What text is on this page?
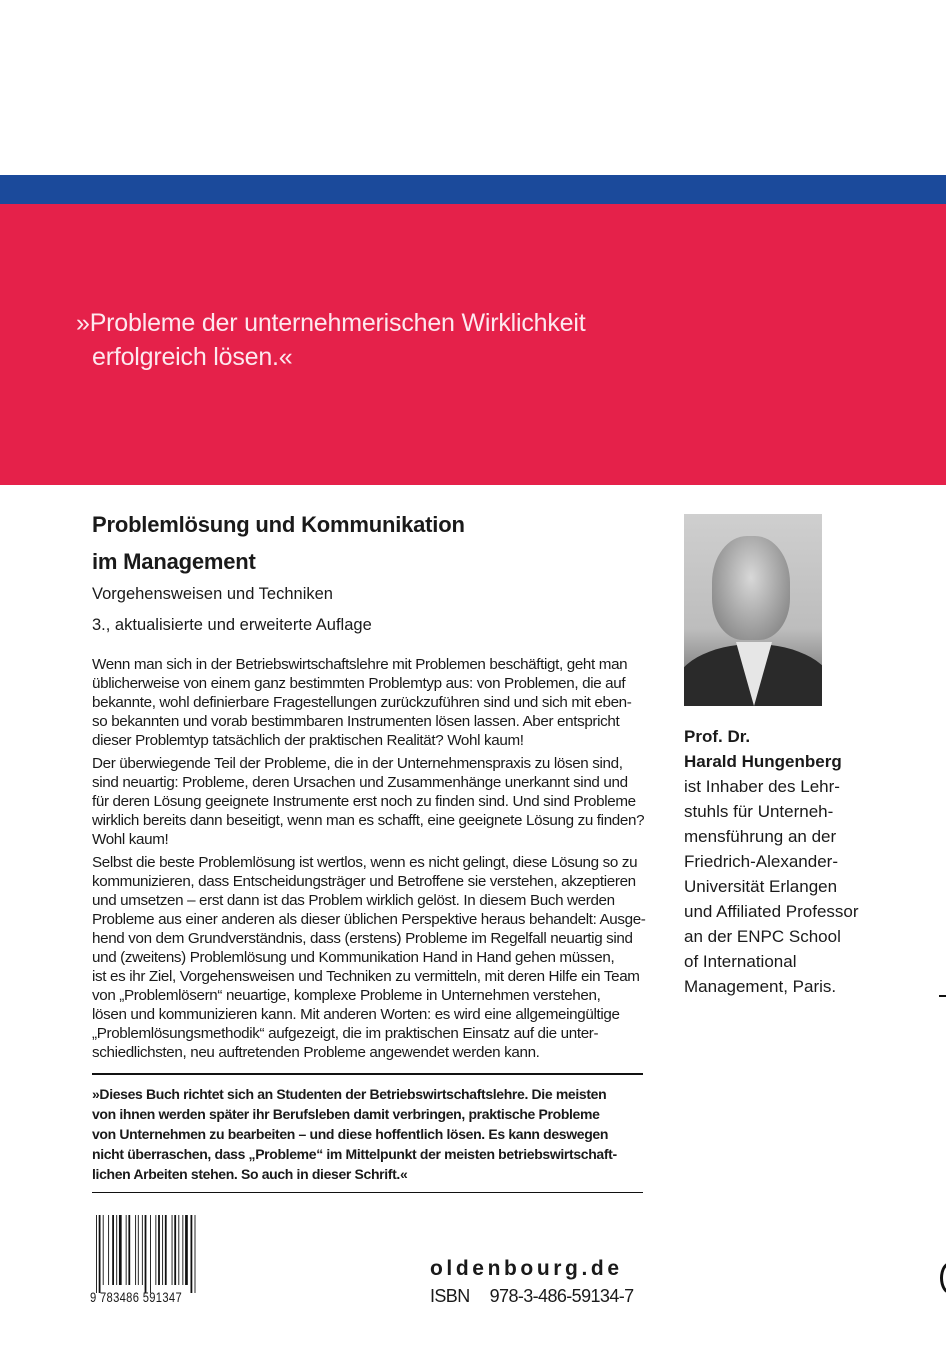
»Probleme der unternehmerischen Wirklichkeit
erfolgreich lösen.«
Problemlösung und Kommunikation
im Management
Vorgehensweisen und Techniken
3., aktualisierte und erweiterte Auflage
Wenn man sich in der Betriebswirtschaftslehre mit Problemen beschäftigt, geht man
üblicherweise von einem ganz bestimmten Problemtyp aus: von Problemen, die auf
bekannte, wohl definierbare Fragestellungen zurückzuführen sind und sich mit eben-
so bekannten und vorab bestimmbaren Instrumenten lösen lassen. Aber entspricht
dieser Problemtyp tatsächlich der praktischen Realität? Wohl kaum!
Der überwiegende Teil der Probleme, die in der Unternehmenspraxis zu lösen sind,
sind neuartig: Probleme, deren Ursachen und Zusammenhänge unerkannt sind und
für deren Lösung geeignete Instrumente erst noch zu finden sind. Und sind Probleme
wirklich bereits dann beseitigt, wenn man es schafft, eine geeignete Lösung zu finden?
Wohl kaum!
Selbst die beste Problemlösung ist wertlos, wenn es nicht gelingt, diese Lösung so zu
kommunizieren, dass Entscheidungsträger und Betroffene sie verstehen, akzeptieren
und umsetzen – erst dann ist das Problem wirklich gelöst. In diesem Buch werden
Probleme aus einer anderen als dieser üblichen Perspektive heraus behandelt: Ausge-
hend von dem Grundverständnis, dass (erstens) Probleme im Regelfall neuartig sind
und (zweitens) Problemlösung und Kommunikation Hand in Hand gehen müssen,
ist es ihr Ziel, Vorgehensweisen und Techniken zu vermitteln, mit deren Hilfe ein Team
von „Problemlösern“ neuartige, komplexe Probleme in Unternehmen verstehen,
lösen und kommunizieren kann. Mit anderen Worten: es wird eine allgemeingültige
„Problemlösungsmethodik“ aufgezeigt, die im praktischen Einsatz auf die unter-
schiedlichsten, neu auftretenden Probleme angewendet werden kann.
»Dieses Buch richtet sich an Studenten der Betriebswirtschaftslehre. Die meisten
von ihnen werden später ihr Berufsleben damit verbringen, praktische Probleme
von Unternehmen zu bearbeiten – und diese hoffentlich lösen. Es kann deswegen
nicht überraschen, dass „Probleme“ im Mittelpunkt der meisten betriebswirtschaft-
lichen Arbeiten stehen. So auch in dieser Schrift.«
Prof. Dr.
Harald Hungenberg
ist Inhaber des Lehr-
stuhls für Unterneh-
mensführung an der
Friedrich-Alexander-
Universität Erlangen
und Affiliated Professor
an der ENPC School
of International
Management, Paris.
9 783486 591347
oldenbourg.de
ISBN 978-3-486-59134-7
